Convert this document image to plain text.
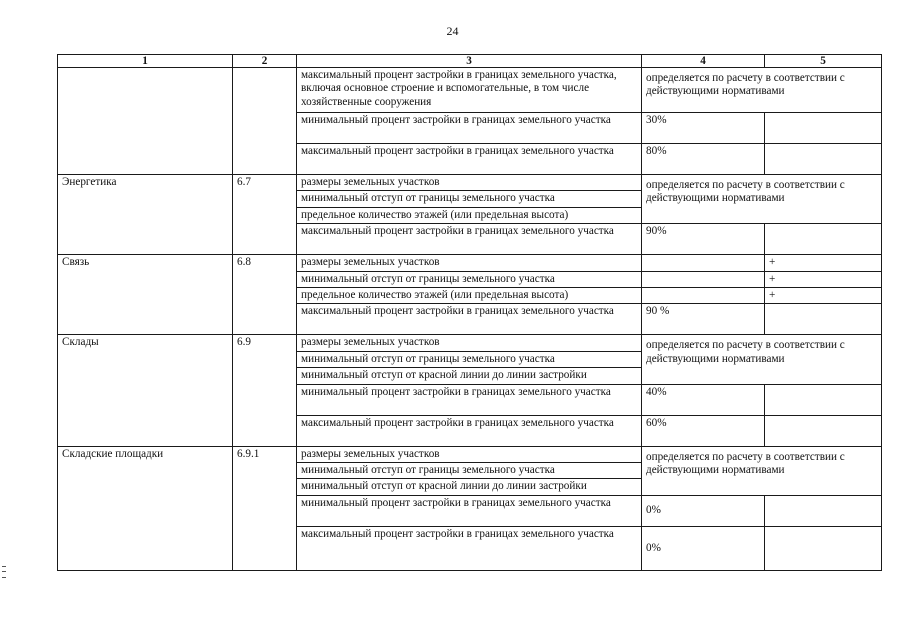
24
1	2	3	4	5
		максимальный процент застройки в границах земельного участка, включая основное строение и вспомогательные, в том числе хозяйственные сооружения	определяется по расчету в соответствии с действующими нормативами	
		минимальный процент застройки в границах земельного участка	30%	
		максимальный процент застройки в границах земельного участка	80%	
Энергетика	6.7	размеры земельных участков	определяется по расчету в соответствии с действующими нормативами	
		минимальный отступ от границы земельного участка		
		предельное количество этажей (или предельная высота)		
		максимальный процент застройки в границах земельного участка	90%	
Связь	6.8	размеры земельных участков		+
		минимальный отступ от границы земельного участка		+
		предельное количество этажей (или предельная высота)		+
		максимальный процент застройки в границах земельного участка	90 %	
Склады	6.9	размеры земельных участков	определяется по расчету в соответствии с действующими нормативами	
		минимальный отступ от границы земельного участка		
		минимальный отступ от красной линии до линии застройки		
		минимальный процент застройки в границах земельного участка	40%	
		максимальный процент застройки в границах земельного участка	60%	
Складские площадки	6.9.1	размеры земельных участков	определяется по расчету в соответствии с действующими нормативами	
		минимальный отступ от границы земельного участка		
		минимальный отступ от красной линии до линии застройки		
		минимальный процент застройки в границах земельного участка	0%	
		максимальный процент застройки в границах земельного участка	0%	
